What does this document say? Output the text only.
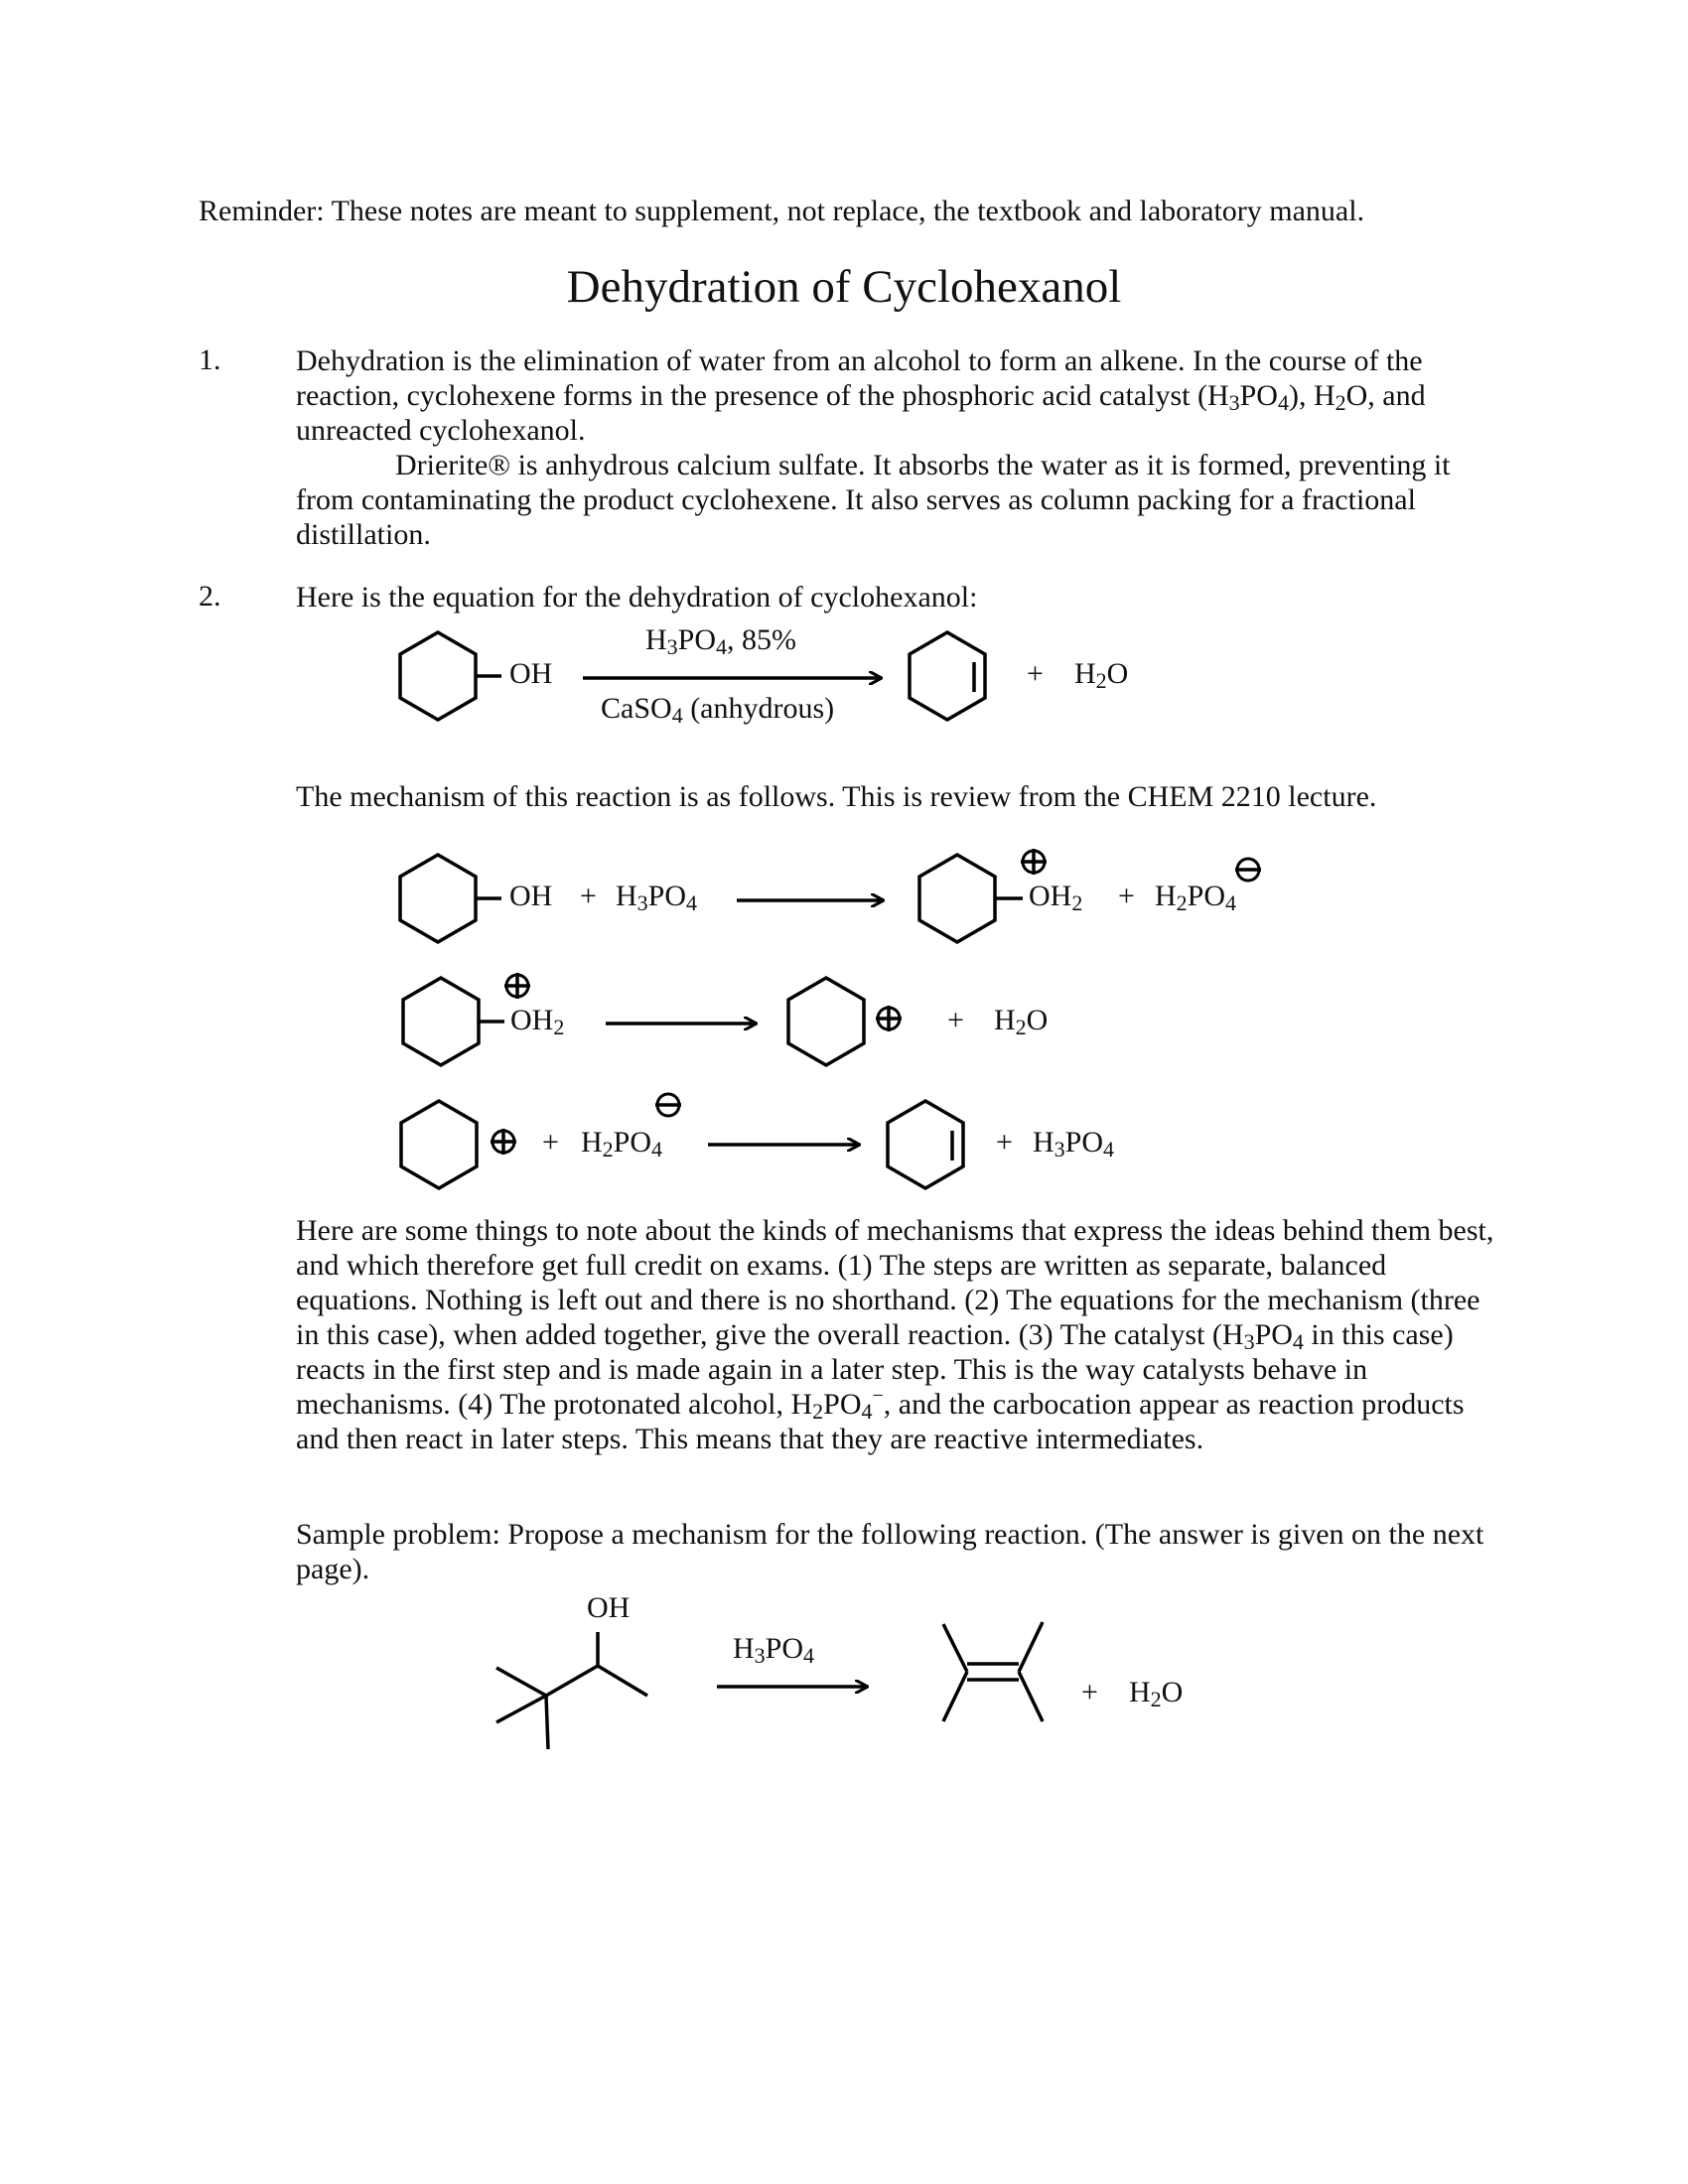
Reminder: These notes are meant to supplement, not replace, the textbook and laboratory manual.
Dehydration of Cyclohexanol
1.	Dehydration is the elimination of water from an alcohol to form an alkene. In the course of the reaction, cyclohexene forms in the presence of the phosphoric acid catalyst $(H_3PO_4)$, $H_2O$, and unreacted cyclohexanol.
Drierite® is anhydrous calcium sulfate. It absorbs the water as it is formed, preventing it from contaminating the product cyclohexene. It also serves as column packing for a fractional distillation.
2.	Here is the equation for the dehydration of cyclohexanol:
OH
$H_3PO_4$, 85%
CaSO$_4$ (anhydrous)
+ $H_2O$
The mechanism of this reaction is as follows. This is review from the CHEM 2210 lecture.
OH + $H_3PO_4$	$OH_2 + H_2PO_4$
$OH_2$	+ $H_2O$
+ $H_2PO_4$	+ $H_3PO_4$
Here are some things to note about the kinds of mechanisms that express the ideas behind them best, and which therefore get full credit on exams. (1) The steps are written as separate, balanced equations. Nothing is left out and there is no shorthand. (2) The equations for the mechanism (three in this case), when added together, give the overall reaction. (3) The catalyst ($H_3PO_4$ in this case) reacts in the first step and is made again in a later step. This is the way catalysts behave in mechanisms. (4) The protonated alcohol, $H_2PO_4^-$, and the carbocation appear as reaction products and then react in later steps. This means that they are reactive intermediates.
Sample problem: Propose a mechanism for the following reaction. (The answer is given on the next page).
OH
$H_3PO_4$
+ $H_2O$
